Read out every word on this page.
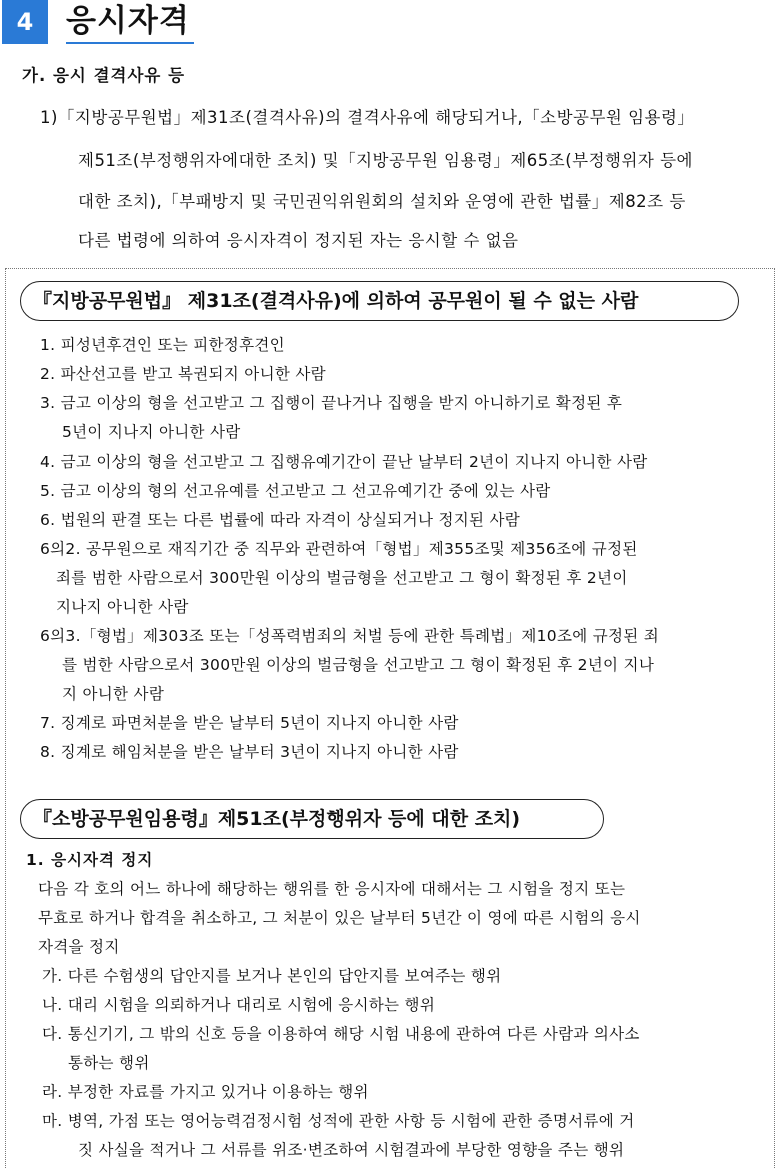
4	응시자격
가. 응시 결격사유 등
1)「지방공무원법」제31조(결격사유)의 결격사유에 해당되거나,「소방공무원 임용령」
제51조(부정행위자에대한 조치) 및「지방공무원 임용령」제65조(부정행위자 등에
대한 조치),「부패방지 및 국민권익위원회의 설치와 운영에 관한 법률」제82조 등
다른 법령에 의하여 응시자격이 정지된 자는 응시할 수 없음
『지방공무원법』 제31조(결격사유)에 의하여 공무원이 될 수 없는 사람
1. 피성년후견인 또는 피한정후견인
2. 파산선고를 받고 복권되지 아니한 사람
3. 금고 이상의 형을 선고받고 그 집행이 끝나거나 집행을 받지 아니하기로 확정된 후
5년이 지나지 아니한 사람
4. 금고 이상의 형을 선고받고 그 집행유예기간이 끝난 날부터 2년이 지나지 아니한 사람
5. 금고 이상의 형의 선고유예를 선고받고 그 선고유예기간 중에 있는 사람
6. 법원의 판결 또는 다른 법률에 따라 자격이 상실되거나 정지된 사람
6의2. 공무원으로 재직기간 중 직무와 관련하여「형법」제355조및 제356조에 규정된
죄를 범한 사람으로서 300만원 이상의 벌금형을 선고받고 그 형이 확정된 후 2년이
지나지 아니한 사람
6의3.「형법」제303조 또는「성폭력범죄의 처벌 등에 관한 특례법」제10조에 규정된 죄
를 범한 사람으로서 300만원 이상의 벌금형을 선고받고 그 형이 확정된 후 2년이 지나
지 아니한 사람
7. 징계로 파면처분을 받은 날부터 5년이 지나지 아니한 사람
8. 징계로 해임처분을 받은 날부터 3년이 지나지 아니한 사람
『소방공무원임용령』제51조(부정행위자 등에 대한 조치)
1. 응시자격 정지
다음 각 호의 어느 하나에 해당하는 행위를 한 응시자에 대해서는 그 시험을 정지 또는
무효로 하거나 합격을 취소하고, 그 처분이 있은 날부터 5년간 이 영에 따른 시험의 응시
자격을 정지
가. 다른 수험생의 답안지를 보거나 본인의 답안지를 보여주는 행위
나. 대리 시험을 의뢰하거나 대리로 시험에 응시하는 행위
다. 통신기기, 그 밖의 신호 등을 이용하여 해당 시험 내용에 관하여 다른 사람과 의사소
통하는 행위
라. 부정한 자료를 가지고 있거나 이용하는 행위
마. 병역, 가점 또는 영어능력검정시험 성적에 관한 사항 등 시험에 관한 증명서류에 거
짓 사실을 적거나 그 서류를 위조·변조하여 시험결과에 부당한 영향을 주는 행위
